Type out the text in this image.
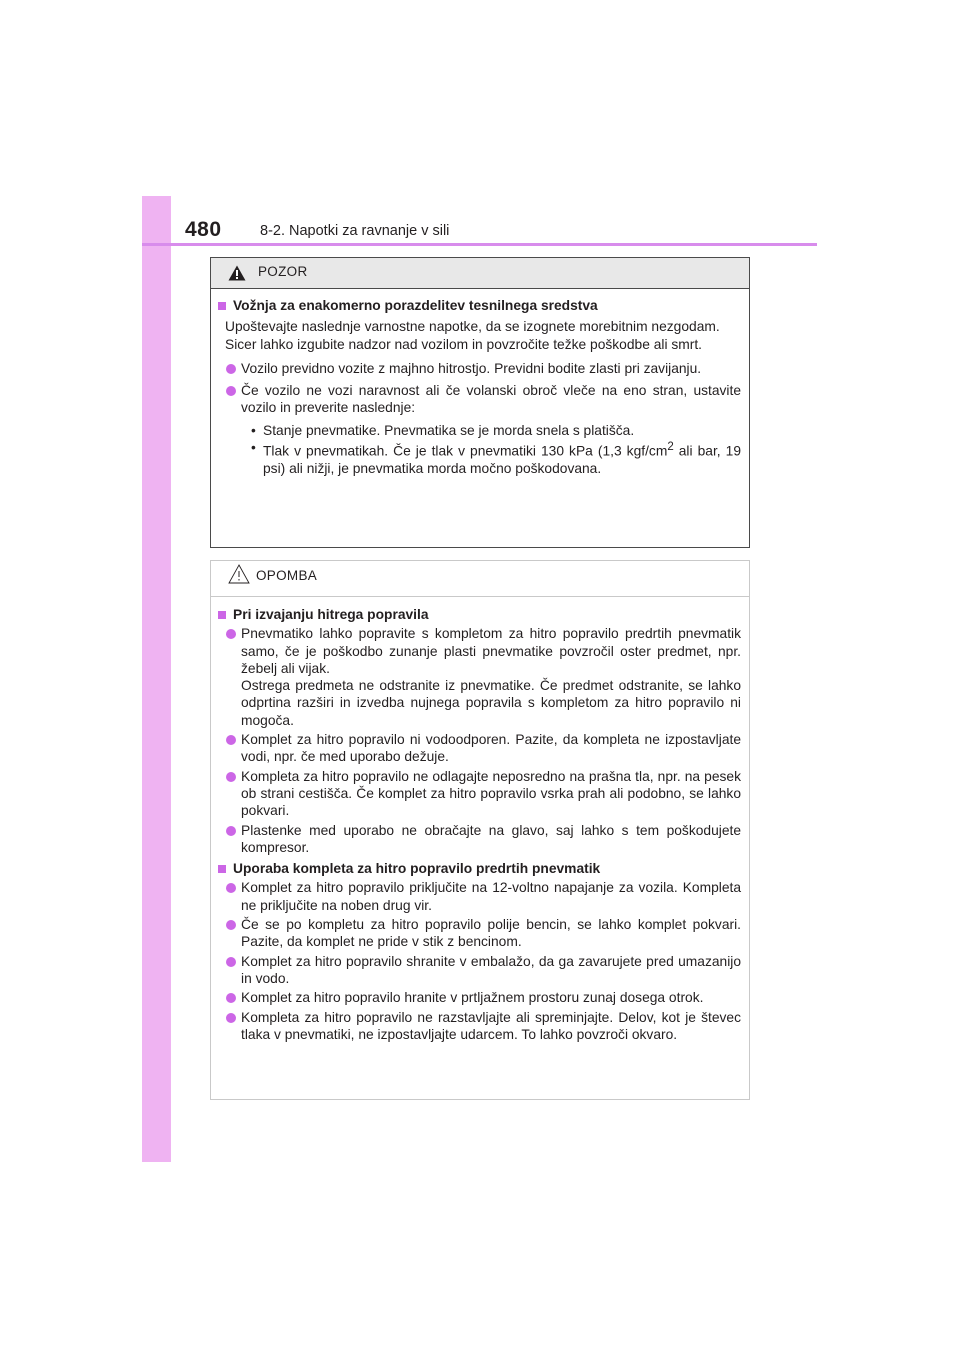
480	8-2. Napotki za ravnanje v sili
POZOR
Vožnja za enakomerno porazdelitev tesnilnega sredstva
Upoštevajte naslednje varnostne napotke, da se izognete morebitnim nezgodam.
Sicer lahko izgubite nadzor nad vozilom in povzročite težke poškodbe ali smrt.
Vozilo previdno vozite z majhno hitrostjo. Previdni bodite zlasti pri zavijanju.
Če vozilo ne vozi naravnost ali če volanski obroč vleče na eno stran, ustavite vozilo in preverite naslednje:
• Stanje pnevmatike. Pnevmatika se je morda snela s platišča.
• Tlak v pnevmatikah. Če je tlak v pnevmatiki 130 kPa (1,3 kgf/$cm^2$ ali bar, 19 psi) ali nižji, je pnevmatika morda močno poškodovana.
OPOMBA
Pri izvajanju hitrega popravila
Pnevmatiko lahko popravite s kompletom za hitro popravilo predrtih pnevmatik samo, če je poškodbo zunanje plasti pnevmatike povzročil oster predmet, npr. žebelj ali vijak.
Ostrega predmeta ne odstranite iz pnevmatike. Če predmet odstranite, se lahko odprtina razširi in izvedba nujnega popravila s kompletom za hitro popravilo ni mogoča.
Komplet za hitro popravilo ni vodoodporen. Pazite, da kompleta ne izpostavljate vodi, npr. če med uporabo dežuje.
Kompleta za hitro popravilo ne odlagajte neposredno na prašna tla, npr. na pesek ob strani cestišča. Če komplet za hitro popravilo vsrka prah ali podobno, se lahko pokvari.
Plastenke med uporabo ne obračajte na glavo, saj lahko s tem poškodujete kompresor.
Uporaba kompleta za hitro popravilo predrtih pnevmatik
Komplet za hitro popravilo priključite na 12-voltno napajanje za vozila. Kompleta ne priključite na noben drug vir.
Če se po kompletu za hitro popravilo polije bencin, se lahko komplet pokvari. Pazite, da komplet ne pride v stik z bencinom.
Komplet za hitro popravilo shranite v embalažo, da ga zavarujete pred umazanijo in vodo.
Komplet za hitro popravilo hranite v prtljažnem prostoru zunaj dosega otrok.
Kompleta za hitro popravilo ne razstavljajte ali spreminjajte. Delov, kot je števec tlaka v pnevmatiki, ne izpostavljajte udarcem. To lahko povzroči okvaro.
